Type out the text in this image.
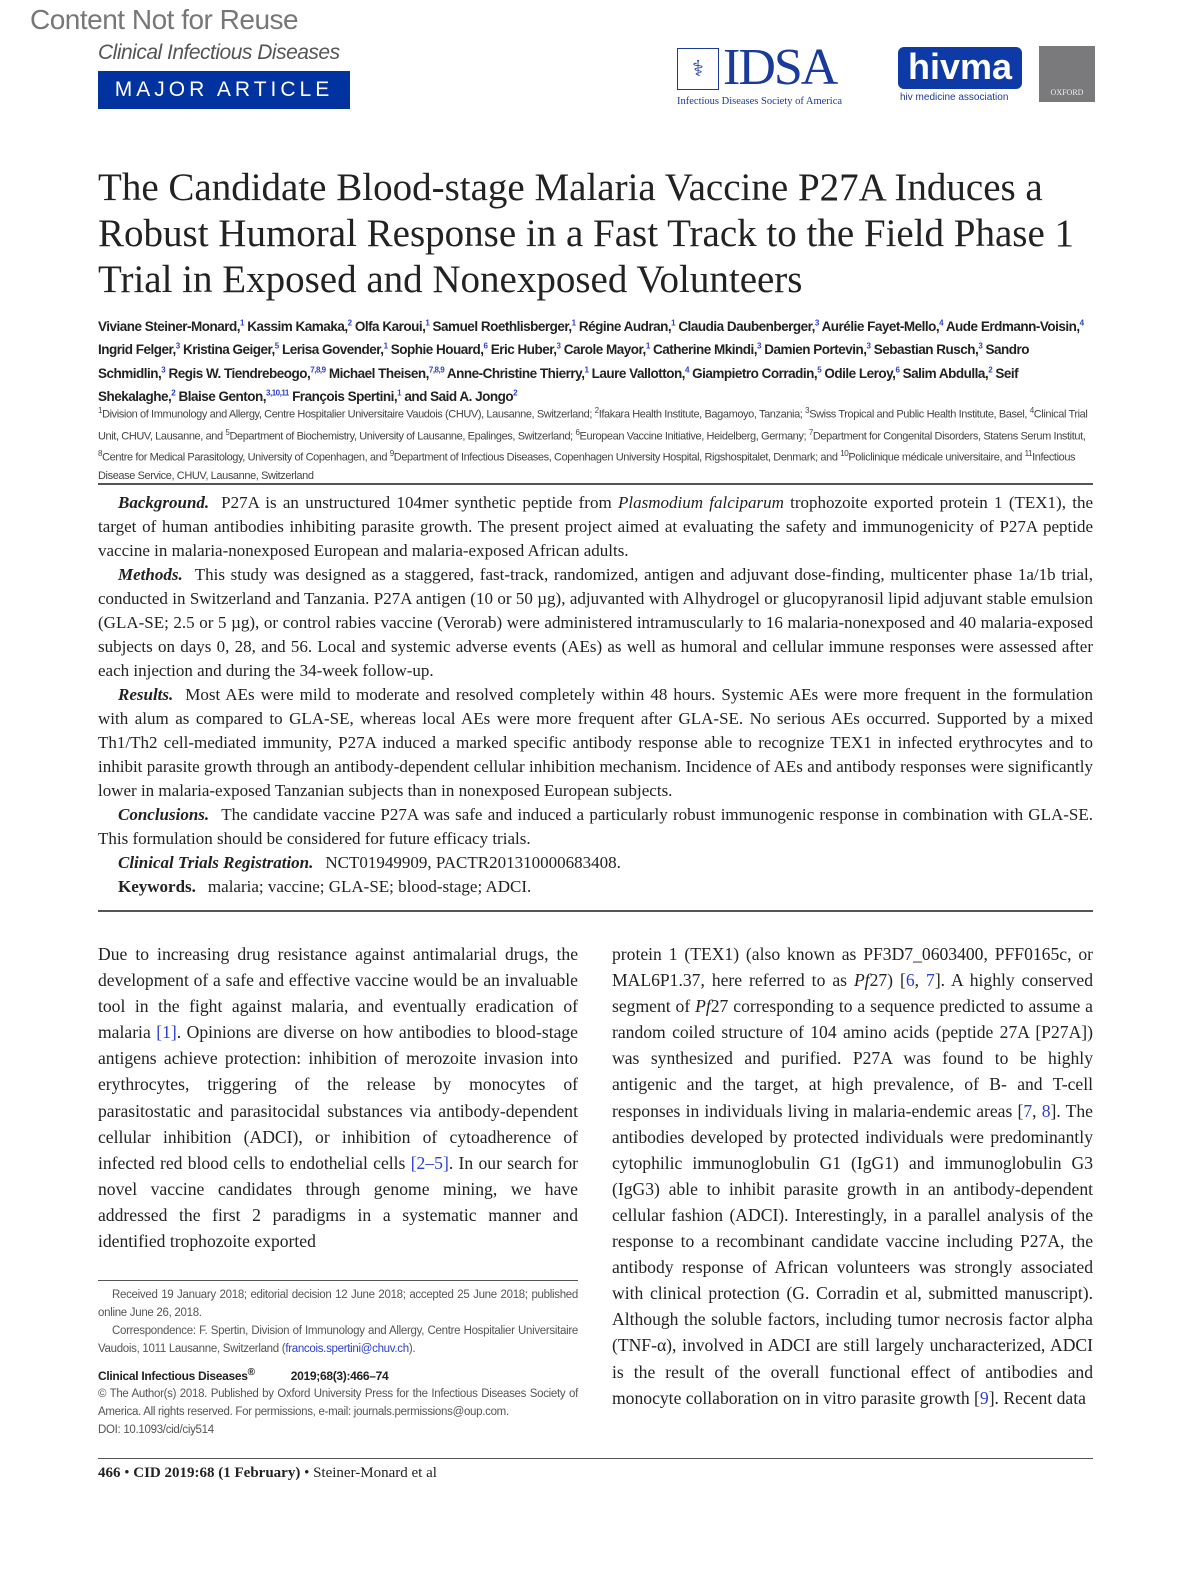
Content Not for Reuse
Clinical Infectious Diseases
MAJOR ARTICLE
⚕ IDSA
Infectious Diseases Society of America
hivma
hiv medicine association	OXFORD
The Candidate Blood-stage Malaria Vaccine P27A Induces a Robust Humoral Response in a Fast Track to the Field Phase 1 Trial in Exposed and Nonexposed Volunteers
Viviane Steiner-Monard,$^1$ Kassim Kamaka,$^2$ Olfa Karoui,$^1$ Samuel Roethlisberger,$^1$ Régine Audran,$^1$ Claudia Daubenberger,$^3$ Aurélie Fayet-Mello,$^4$ Aude Erdmann-Voisin,$^4$ Ingrid Felger,$^3$ Kristina Geiger,$^5$ Lerisa Govender,$^1$ Sophie Houard,$^6$ Eric Huber,$^3$ Carole Mayor,$^1$ Catherine Mkindi,$^3$ Damien Portevin,$^3$ Sebastian Rusch,$^3$ Sandro Schmidlin,$^3$ Regis W. Tiendrebeogo,$^{7,8,9}$ Michael Theisen,$^{7,8,9}$ Anne-Christine Thierry,$^1$ Laure Vallotton,$^4$ Giampietro Corradin,$^5$ Odile Leroy,$^6$ Salim Abdulla,$^2$ Seif Shekalaghe,$^2$ Blaise Genton,$^{3,10,11}$ François Spertini,$^1$ and Said A. Jongo$^2$
$^1$Division of Immunology and Allergy, Centre Hospitalier Universitaire Vaudois (CHUV), Lausanne, Switzerland; $^2$Ifakara Health Institute, Bagamoyo, Tanzania; $^3$Swiss Tropical and Public Health Institute, Basel, $^4$Clinical Trial Unit, CHUV, Lausanne, and $^5$Department of Biochemistry, University of Lausanne, Epalinges, Switzerland; $^6$European Vaccine Initiative, Heidelberg, Germany; $^7$Department for Congenital Disorders, Statens Serum Institut, $^8$Centre for Medical Parasitology, University of Copenhagen, and $^9$Department of Infectious Diseases, Copenhagen University Hospital, Rigshospitalet, Denmark; and $^{10}$Policlinique médicale universitaire, and $^{11}$Infectious Disease Service, CHUV, Lausanne, Switzerland

Background. P27A is an unstructured 104mer synthetic peptide from Plasmodium falciparum trophozoite exported protein 1 (TEX1), the target of human antibodies inhibiting parasite growth. The present project aimed at evaluating the safety and immunogenicity of P27A peptide vaccine in malaria-nonexposed European and malaria-exposed African adults.

Methods. This study was designed as a staggered, fast-track, randomized, antigen and adjuvant dose-finding, multicenter phase 1a/1b trial, conducted in Switzerland and Tanzania. P27A antigen (10 or 50 µg), adjuvanted with Alhydrogel or glucopyranosil lipid adjuvant stable emulsion (GLA-SE; 2.5 or 5 µg), or control rabies vaccine (Verorab) were administered intramuscularly to 16 malaria-nonexposed and 40 malaria-exposed subjects on days 0, 28, and 56. Local and systemic adverse events (AEs) as well as humoral and cellular immune responses were assessed after each injection and during the 34-week follow-up.

Results. Most AEs were mild to moderate and resolved completely within 48 hours. Systemic AEs were more frequent in the formulation with alum as compared to GLA-SE, whereas local AEs were more frequent after GLA-SE. No serious AEs occurred. Supported by a mixed Th1/Th2 cell-mediated immunity, P27A induced a marked specific antibody response able to recognize TEX1 in infected erythrocytes and to inhibit parasite growth through an antibody-dependent cellular inhibition mechanism. Incidence of AEs and antibody responses were significantly lower in malaria-exposed Tanzanian subjects than in nonexposed European subjects.

Conclusions. The candidate vaccine P27A was safe and induced a particularly robust immunogenic response in combination with GLA-SE. This formulation should be considered for future efficacy trials.

Clinical Trials Registration. NCT01949909, PACTR201310000683408.

Keywords. malaria; vaccine; GLA-SE; blood-stage; ADCI.

Due to increasing drug resistance against antimalarial drugs, the development of a safe and effective vaccine would be an invaluable tool in the fight against malaria, and eventually eradication of malaria [1]. Opinions are diverse on how antibodies to blood-stage antigens achieve protection: inhibition of merozoite invasion into erythrocytes, triggering of the release by monocytes of parasitostatic and parasitocidal substances via antibody-dependent cellular inhibition (ADCI), or inhibition of cytoadherence of infected red blood cells to endothelial cells [2–5]. In our search for novel vaccine candidates through genome mining, we have addressed the first 2 paradigms in a systematic manner and identified trophozoite exported

protein 1 (TEX1) (also known as PF3D7_0603400, PFF0165c, or MAL6P1.37, here referred to as Pf27) [6, 7]. A highly conserved segment of Pf27 corresponding to a sequence predicted to assume a random coiled structure of 104 amino acids (peptide 27A [P27A]) was synthesized and purified. P27A was found to be highly antigenic and the target, at high prevalence, of B- and T-cell responses in individuals living in malaria-endemic areas [7, 8]. The antibodies developed by protected individuals were predominantly cytophilic immunoglobulin G1 (IgG1) and immunoglobulin G3 (IgG3) able to inhibit parasite growth in an antibody-dependent cellular fashion (ADCI). Interestingly, in a parallel analysis of the response to a recombinant candidate vaccine including P27A, the antibody response of African volunteers was strongly associated with clinical protection (G. Corradin et al, submitted manuscript). Although the soluble factors, including tumor necrosis factor alpha (TNF-α), involved in ADCI are still largely uncharacterized, ADCI is the result of the overall functional effect of antibodies and monocyte collaboration on in vitro parasite growth [9]. Recent data

Received 19 January 2018; editorial decision 12 June 2018; accepted 25 June 2018; published online June 26, 2018.

Correspondence: F. Spertin, Division of Immunology and Allergy, Centre Hospitalier Universitaire Vaudois, 1011 Lausanne, Switzerland (francois.spertini@chuv.ch).

Clinical Infectious Diseases®	2019;68(3):466–74

© The Author(s) 2018. Published by Oxford University Press for the Infectious Diseases Society of America. All rights reserved. For permissions, e-mail: journals.permissions@oup.com.

DOI: 10.1093/cid/ciy514

466 • CID 2019:68 (1 February) • Steiner-Monard et al
